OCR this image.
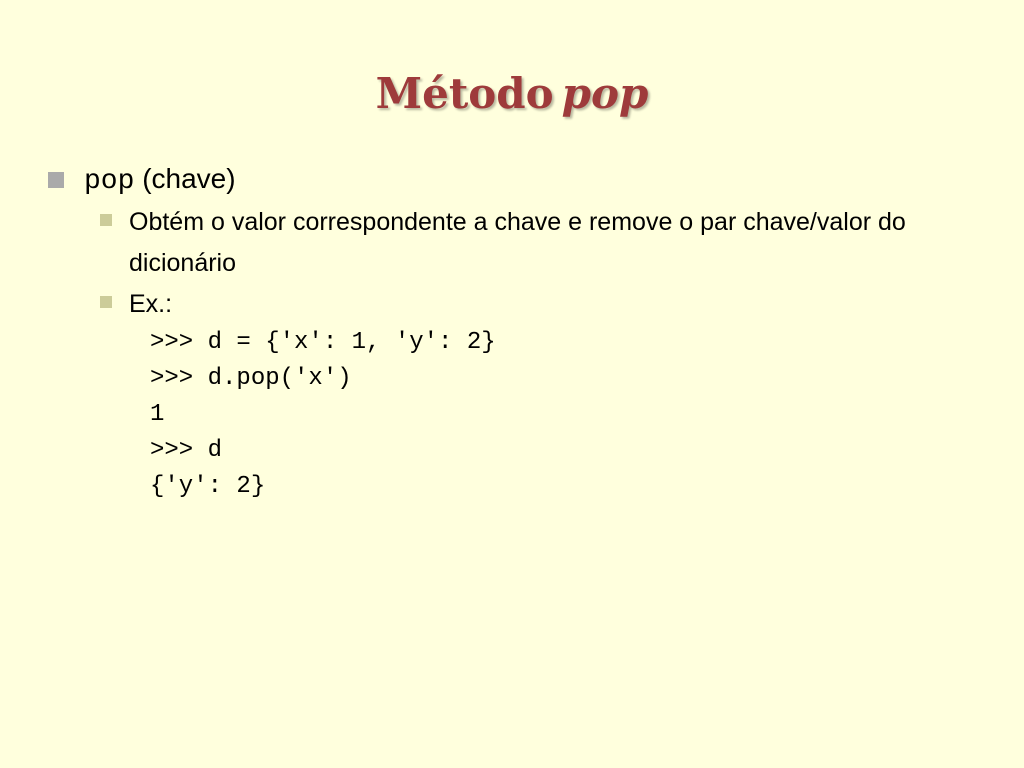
Método pop
pop (chave)
Obtém o valor correspondente a chave e remove o par chave/valor do dicionário
Ex.:
>>> d = {'x': 1, 'y': 2}
>>> d.pop('x')
1
>>> d
{'y': 2}
